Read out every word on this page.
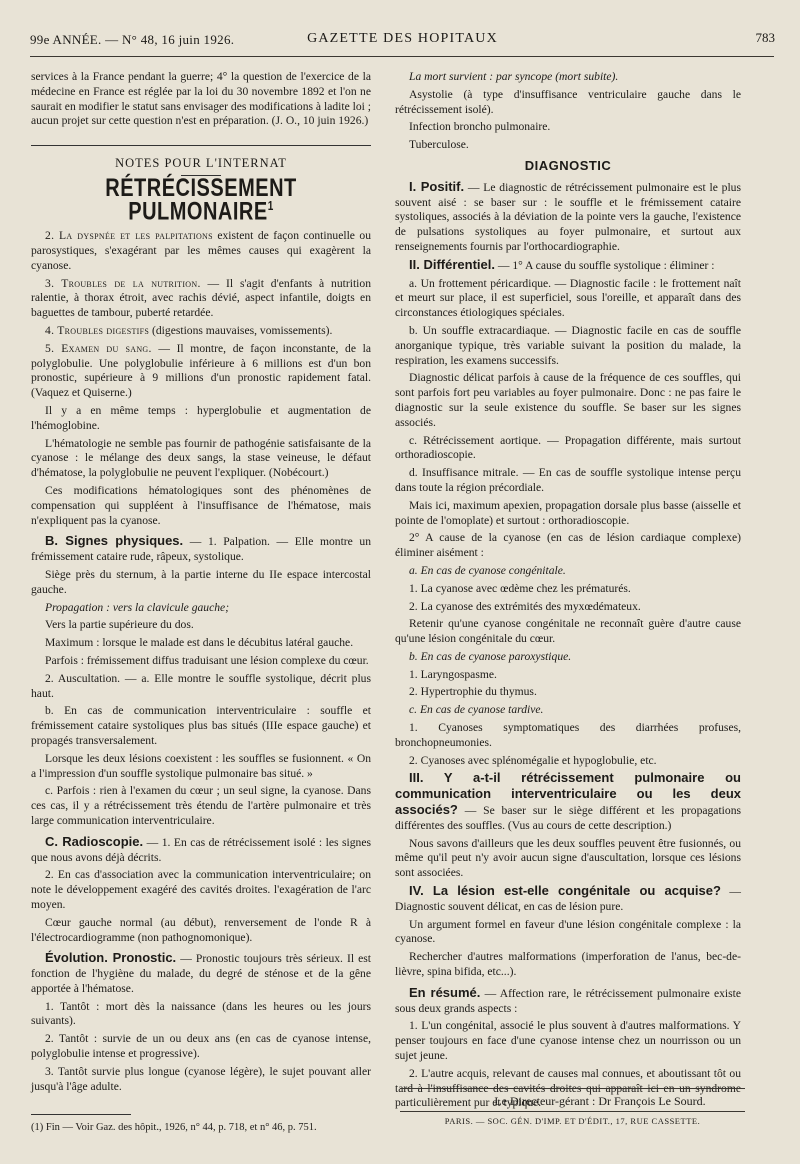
99e ANNÉE. — N° 48, 16 juin 1926.	GAZETTE DES HOPITAUX	783

services à la France pendant la guerre; 4° la question de l'exercice de la médecine en France est réglée par la loi du 30 novembre 1892 et l'on ne saurait en modifier le statut sans envisager des modifications à ladite loi ; aucun projet sur cette question n'est en préparation. (J. O., 10 juin 1926.)

NOTES POUR L'INTERNAT
RÉTRÉCISSEMENT PULMONAIRE$^1$

2. La dyspnée et les palpitations existent de façon continuelle ou parosystiques, s'exagérant par les mêmes causes qui exagèrent la cyanose.

3. Troubles de la nutrition. — Il s'agit d'enfants à nutrition ralentie, à thorax étroit, avec rachis dévié, aspect infantile, doigts en baguettes de tambour, puberté retardée.

4. Troubles digestifs (digestions mauvaises, vomissements).

5. Examen du sang. — Il montre, de façon inconstante, de la polyglobulie. Une polyglobulie inférieure à 6 millions est d'un bon pronostic, supérieure à 9 millions d'un pronostic rapidement fatal. (Vaquez et Quiserne.)

Il y a en même temps : hyperglobulie et augmentation de l'hémoglobine.

L'hématologie ne semble pas fournir de pathogénie satisfaisante de la cyanose : le mélange des deux sangs, la stase veineuse, le défaut d'hématose, la polyglobulie ne peuvent l'expliquer. (Nobécourt.)

Ces modifications hématologiques sont des phénomènes de compensation qui suppléent à l'insuffisance de l'hématose, mais n'expliquent pas la cyanose.

B. Signes physiques. — 1. Palpation. — Elle montre un frémissement cataire rude, râpeux, systolique.

Siège près du sternum, à la partie interne du IIe espace intercostal gauche.

Propagation : vers la clavicule gauche;

Vers la partie supérieure du dos.

Maximum : lorsque le malade est dans le décubitus latéral gauche.

Parfois : frémissement diffus traduisant une lésion complexe du cœur.

2. Auscultation. — a. Elle montre le souffle systolique, décrit plus haut.

b. En cas de communication interventriculaire : souffle et frémissement cataire systoliques plus bas situés (IIIe espace gauche) et propagés transversalement.

Lorsque les deux lésions coexistent : les souffles se fusionnent. « On a l'impression d'un souffle systolique pulmonaire bas situé. »

c. Parfois : rien à l'examen du cœur ; un seul signe, la cyanose. Dans ces cas, il y a rétrécissement très étendu de l'artère pulmonaire et très large communication interventriculaire.

C. Radioscopie. — 1. En cas de rétrécissement isolé : les signes que nous avons déjà décrits.

2. En cas d'association avec la communication interventriculaire; on note le développement exagéré des cavités droites. l'exagération de l'arc moyen.

Cœur gauche normal (au début), renversement de l'onde R à l'électrocardiogramme (non pathognomonique).

Évolution. Pronostic. — Pronostic toujours très sérieux. Il est fonction de l'hygiène du malade, du degré de sténose et de la gêne apportée à l'hématose.

1. Tantôt : mort dès la naissance (dans les heures ou les jours suivants).

2. Tantôt : survie de un ou deux ans (en cas de cyanose intense, polyglobulie intense et progressive).

3. Tantôt survie plus longue (cyanose légère), le sujet pouvant aller jusqu'à l'âge adulte.

(1) Fin — Voir Gaz. des hôpit., 1926, n° 44, p. 718, et n° 46, p. 751.

La mort survient : par syncope (mort subite).

Asystolie (à type d'insuffisance ventriculaire gauche dans le rétrécissement isolé).

Infection broncho pulmonaire.

Tuberculose.

DIAGNOSTIC

I. Positif. — Le diagnostic de rétrécissement pulmonaire est le plus souvent aisé : se baser sur : le souffle et le frémissement cataire systoliques, associés à la déviation de la pointe vers la gauche, l'existence de pulsations systoliques au foyer pulmonaire, et surtout aux renseignements fournis par l'orthocardiographie.

II. Différentiel. — 1° A cause du souffle systolique : éliminer :

a. Un frottement péricardique. — Diagnostic facile : le frottement naît et meurt sur place, il est superficiel, sous l'oreille, et apparaît dans des circonstances étiologiques spéciales.

b. Un souffle extracardiaque. — Diagnostic facile en cas de souffle anorganique typique, très variable suivant la position du malade, la respiration, les examens successifs.

Diagnostic délicat parfois à cause de la fréquence de ces souffles, qui sont parfois fort peu variables au foyer pulmonaire. Donc : ne pas faire le diagnostic sur la seule existence du souffle. Se baser sur les signes associés.

c. Rétrécissement aortique. — Propagation différente, mais surtout orthoradioscopie.

d. Insuffisance mitrale. — En cas de souffle systolique intense perçu dans toute la région précordiale.

Mais ici, maximum apexien, propagation dorsale plus basse (aisselle et pointe de l'omoplate) et surtout : orthoradioscopie.

2° A cause de la cyanose (en cas de lésion cardiaque complexe) éliminer aisément :

a. En cas de cyanose congénitale.

1. La cyanose avec œdème chez les prématurés.

2. La cyanose des extrémités des myxœdémateux.

Retenir qu'une cyanose congénitale ne reconnaît guère d'autre cause qu'une lésion congénitale du cœur.

b. En cas de cyanose paroxystique.

1. Laryngospasme.

2. Hypertrophie du thymus.

c. En cas de cyanose tardive.

1. Cyanoses symptomatiques des diarrhées profuses, bronchopneumonies.

2. Cyanoses avec splénomégalie et hypoglobulie, etc.

III. Y a-t-il rétrécissement pulmonaire ou communication interventriculaire ou les deux associés? — Se baser sur le siège différent et les propagations différentes des souffles. (Vus au cours de cette description.)

Nous savons d'ailleurs que les deux souffles peuvent être fusionnés, ou même qu'il peut n'y avoir aucun signe d'auscultation, lorsque ces lésions sont associées.

IV. La lésion est-elle congénitale ou acquise? — Diagnostic souvent délicat, en cas de lésion pure.

Un argument formel en faveur d'une lésion congénitale complexe : la cyanose.

Rechercher d'autres malformations (imperforation de l'anus, bec-de-lièvre, spina bifida, etc...).

En résumé. — Affection rare, le rétrécissement pulmonaire existe sous deux grands aspects :

1. L'un congénital, associé le plus souvent à d'autres malformations. Y penser toujours en face d'une cyanose intense chez un nourrisson ou un sujet jeune.

2. L'autre acquis, relevant de causes mal connues, et aboutissant tôt ou tard à l'insuffisance des cavités droites qui apparaît ici en un syndrome particulièrement pur et typique.

Le Directeur-gérant : Dr François Le Sourd.
PARIS. — SOC. GÉN. D'IMP. ET D'ÉDIT., 17, RUE CASSETTE.
